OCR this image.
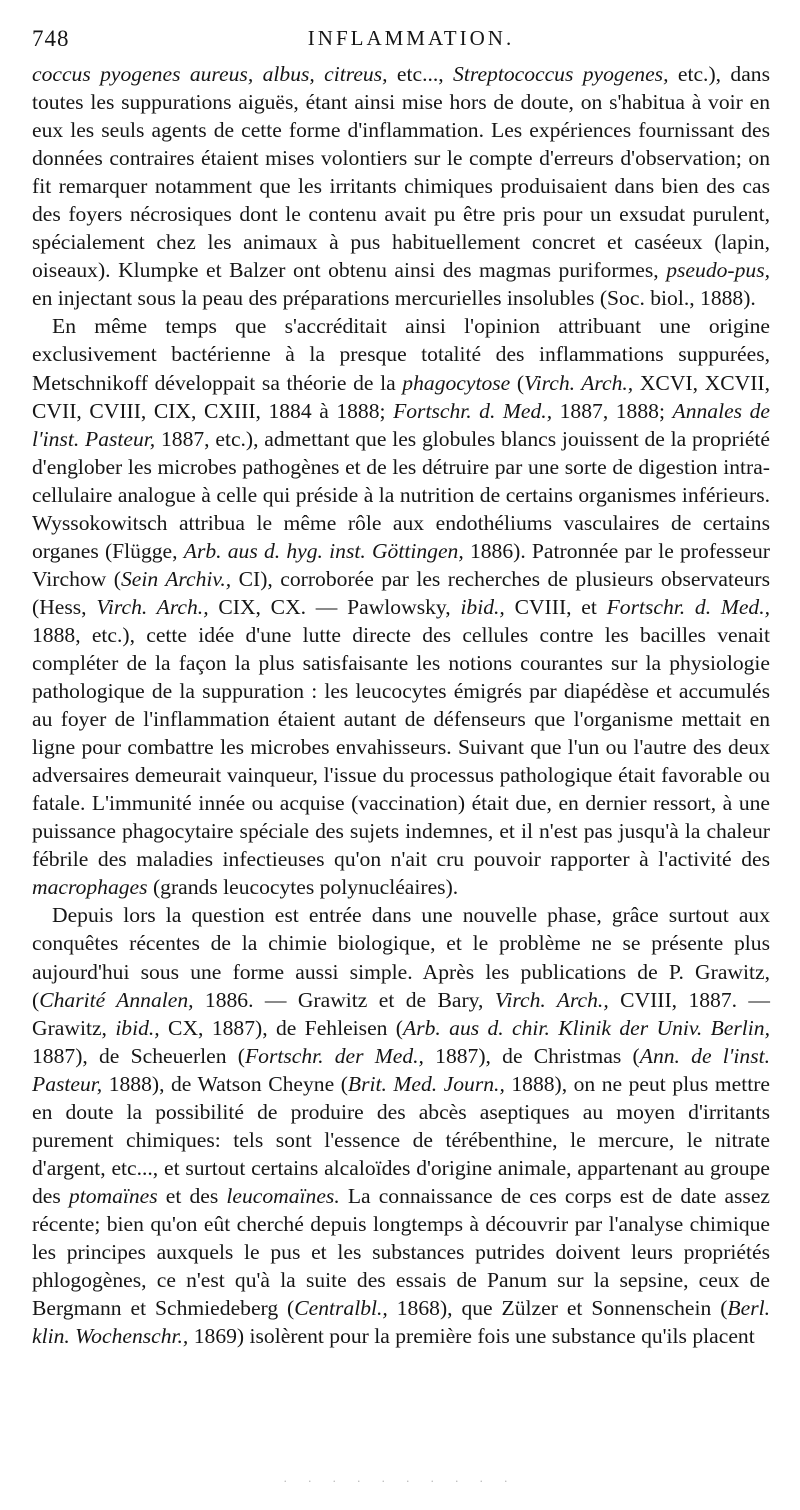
748	INFLAMMATION.

coccus pyogenes aureus, albus, citreus, etc..., Streptococcus pyogenes, etc.), dans toutes les suppurations aiguës, étant ainsi mise hors de doute, on s'habitua à voir en eux les seuls agents de cette forme d'inflammation. Les expériences fournissant des données contraires étaient mises volontiers sur le compte d'erreurs d'observation; on fit remarquer notamment que les irritants chimiques produisaient dans bien des cas des foyers nécrosiques dont le contenu avait pu être pris pour un exsudat purulent, spécialement chez les animaux à pus habituellement concret et caséeux (lapin, oiseaux). Klumpke et Balzer ont obtenu ainsi des magmas puriformes, pseudo-pus, en injectant sous la peau des préparations mercurielles insolubles (Soc. biol., 1888).

En même temps que s'accréditait ainsi l'opinion attribuant une origine exclusivement bactérienne à la presque totalité des inflammations suppurées, Metschnikoff développait sa théorie de la phagocytose (Virch. Arch., XCVI, XCVII, CVII, CVIII, CIX, CXIII, 1884 à 1888; Fortschr. d. Med., 1887, 1888; Annales de l'inst. Pasteur, 1887, etc.), admettant que les globules blancs jouissent de la propriété d'englober les microbes pathogènes et de les détruire par une sorte de digestion intra-cellulaire analogue à celle qui préside à la nutrition de certains organismes inférieurs. Wyssokowitsch attribua le même rôle aux endothéliums vasculaires de certains organes (Flügge, Arb. aus d. hyg. inst. Göttingen, 1886). Patronnée par le professeur Virchow (Sein Archiv., CI), corroborée par les recherches de plusieurs observateurs (Hess, Virch. Arch., CIX, CX. — Pawlowsky, ibid., CVIII, et Fortschr. d. Med., 1888, etc.), cette idée d'une lutte directe des cellules contre les bacilles venait compléter de la façon la plus satisfaisante les notions courantes sur la physiologie pathologique de la suppuration : les leucocytes émigrés par diapédèse et accumulés au foyer de l'inflammation étaient autant de défenseurs que l'organisme mettait en ligne pour combattre les microbes envahisseurs. Suivant que l'un ou l'autre des deux adversaires demeurait vainqueur, l'issue du processus pathologique était favorable ou fatale. L'immunité innée ou acquise (vaccination) était due, en dernier ressort, à une puissance phagocytaire spéciale des sujets indemnes, et il n'est pas jusqu'à la chaleur fébrile des maladies infectieuses qu'on n'ait cru pouvoir rapporter à l'activité des macrophages (grands leucocytes polynucléaires).

Depuis lors la question est entrée dans une nouvelle phase, grâce surtout aux conquêtes récentes de la chimie biologique, et le problème ne se présente plus aujourd'hui sous une forme aussi simple. Après les publications de P. Grawitz, (Charité Annalen, 1886. — Grawitz et de Bary, Virch. Arch., CVIII, 1887. — Grawitz, ibid., CX, 1887), de Fehleisen (Arb. aus d. chir. Klinik der Univ. Berlin, 1887), de Scheuerlen (Fortschr. der Med., 1887), de Christmas (Ann. de l'inst. Pasteur, 1888), de Watson Cheyne (Brit. Med. Journ., 1888), on ne peut plus mettre en doute la possibilité de produire des abcès aseptiques au moyen d'irritants purement chimiques: tels sont l'essence de térébenthine, le mercure, le nitrate d'argent, etc..., et surtout certains alcaloïdes d'origine animale, appartenant au groupe des ptomaïnes et des leucomaïnes. La connaissance de ces corps est de date assez récente; bien qu'on eût cherché depuis longtemps à découvrir par l'analyse chimique les principes auxquels le pus et les substances putrides doivent leurs propriétés phlogogènes, ce n'est qu'à la suite des essais de Panum sur la sepsine, ceux de Bergmann et Schmiedeberg (Centralbl., 1868), que Zülzer et Sonnenschein (Berl. klin. Wochenschr., 1869) isolèrent pour la première fois une substance qu'ils placent

. . . . . . . . . .
